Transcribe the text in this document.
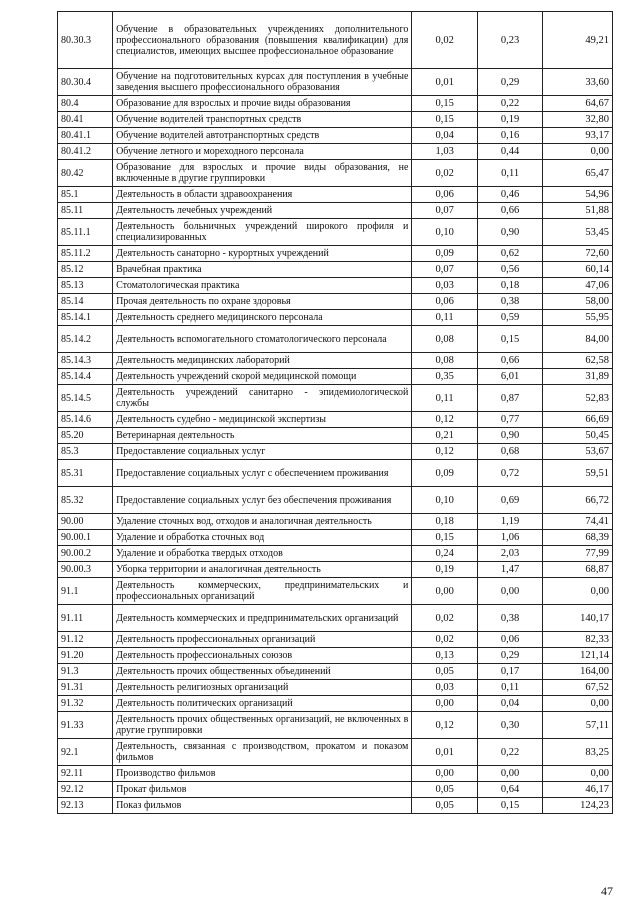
80.30.3	Обучение в образовательных учреждениях дополнительного профессионального образования (повышения квалификации) для специалистов, имеющих высшее профессиональное образование	0,02	0,23	49,21
80.30.4	Обучение на подготовительных курсах для поступления в учебные заведения высшего профессионального образования	0,01	0,29	33,60
80.4	Образование для взрослых и прочие виды образования	0,15	0,22	64,67
80.41	Обучение водителей транспортных средств	0,15	0,19	32,80
80.41.1	Обучение водителей автотранспортных средств	0,04	0,16	93,17
80.41.2	Обучение летного и мореходного персонала	1,03	0,44	0,00
80.42	Образование для взрослых и прочие виды образования, не включенные в другие группировки	0,02	0,11	65,47
85.1	Деятельность в области здравоохранения	0,06	0,46	54,96
85.11	Деятельность лечебных учреждений	0,07	0,66	51,88
85.11.1	Деятельность больничных учреждений широкого профиля и специализированных	0,10	0,90	53,45
85.11.2	Деятельность санаторно - курортных учреждений	0,09	0,62	72,60
85.12	Врачебная практика	0,07	0,56	60,14
85.13	Стоматологическая практика	0,03	0,18	47,06
85.14	Прочая деятельность по охране здоровья	0,06	0,38	58,00
85.14.1	Деятельность среднего медицинского персонала	0,11	0,59	55,95
85.14.2	Деятельность вспомогательного стоматологического персонала	0,08	0,15	84,00
85.14.3	Деятельность медицинских лабораторий	0,08	0,66	62,58
85.14.4	Деятельность учреждений скорой медицинской помощи	0,35	6,01	31,89
85.14.5	Деятельность учреждений санитарно - эпидемиологической службы	0,11	0,87	52,83
85.14.6	Деятельность судебно - медицинской экспертизы	0,12	0,77	66,69
85.20	Ветеринарная деятельность	0,21	0,90	50,45
85.3	Предоставление социальных услуг	0,12	0,68	53,67
85.31	Предоставление социальных услуг с обеспечением проживания	0,09	0,72	59,51
85.32	Предоставление социальных услуг без обеспечения проживания	0,10	0,69	66,72
90.00	Удаление сточных вод, отходов и аналогичная деятельность	0,18	1,19	74,41
90.00.1	Удаление и обработка сточных вод	0,15	1,06	68,39
90.00.2	Удаление и обработка твердых отходов	0,24	2,03	77,99
90.00.3	Уборка территории и аналогичная деятельность	0,19	1,47	68,87
91.1	Деятельность коммерческих, предпринимательских и профессиональных организаций	0,00	0,00	0,00
91.11	Деятельность коммерческих и предпринимательских организаций	0,02	0,38	140,17
91.12	Деятельность профессиональных организаций	0,02	0,06	82,33
91.20	Деятельность профессиональных союзов	0,13	0,29	121,14
91.3	Деятельность прочих общественных объединений	0,05	0,17	164,00
91.31	Деятельность религиозных организаций	0,03	0,11	67,52
91.32	Деятельность политических организаций	0,00	0,04	0,00
91.33	Деятельность прочих общественных организаций, не включенных в другие группировки	0,12	0,30	57,11
92.1	Деятельность, связанная с производством, прокатом и показом фильмов	0,01	0,22	83,25
92.11	Производство фильмов	0,00	0,00	0,00
92.12	Прокат фильмов	0,05	0,64	46,17
92.13	Показ фильмов	0,05	0,15	124,23
47
